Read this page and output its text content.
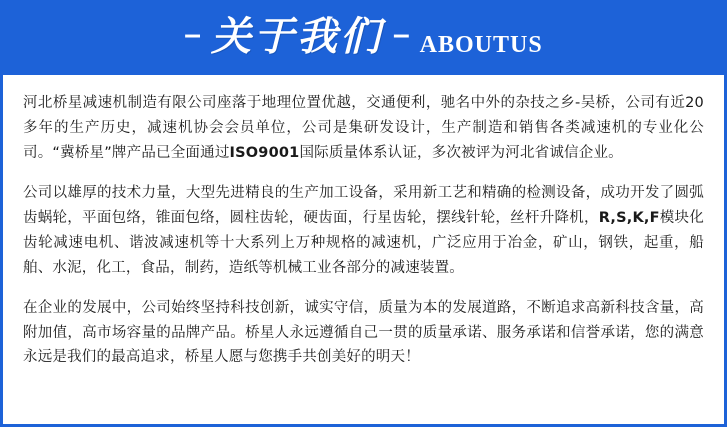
– 关于我们 – ABOUTUS

河北桥星减速机制造有限公司座落于地理位置优越，交通便利，驰名中外的杂技之乡-吴桥，公司有近20多年的生产历史，减速机协会会员单位，公司是集研发设计，生产制造和销售各类减速机的专业化公司。“冀桥星”牌产品已全面通过ISO9001国际质量体系认证，多次被评为河北省诚信企业。

公司以雄厚的技术力量，大型先进精良的生产加工设备，采用新工艺和精确的检测设备，成功开发了圆弧齿蜗轮，平面包络，锥面包络，圆柱齿轮，硬齿面，行星齿轮，摆线针轮，丝杆升降机，R,S,K,F模块化齿轮减速电机、谐波减速机等十大系列上万种规格的减速机，广泛应用于冶金，矿山，钢铁，起重，船舶、水泥，化工，食品，制药，造纸等机械工业各部分的减速装置。

在企业的发展中，公司始终坚持科技创新，诚实守信，质量为本的发展道路，不断追求高新科技含量，高附加值，高市场容量的品牌产品。桥星人永远遵循自己一贯的质量承诺、服务承诺和信誉承诺，您的满意永远是我们的最高追求，桥星人愿与您携手共创美好的明天！
